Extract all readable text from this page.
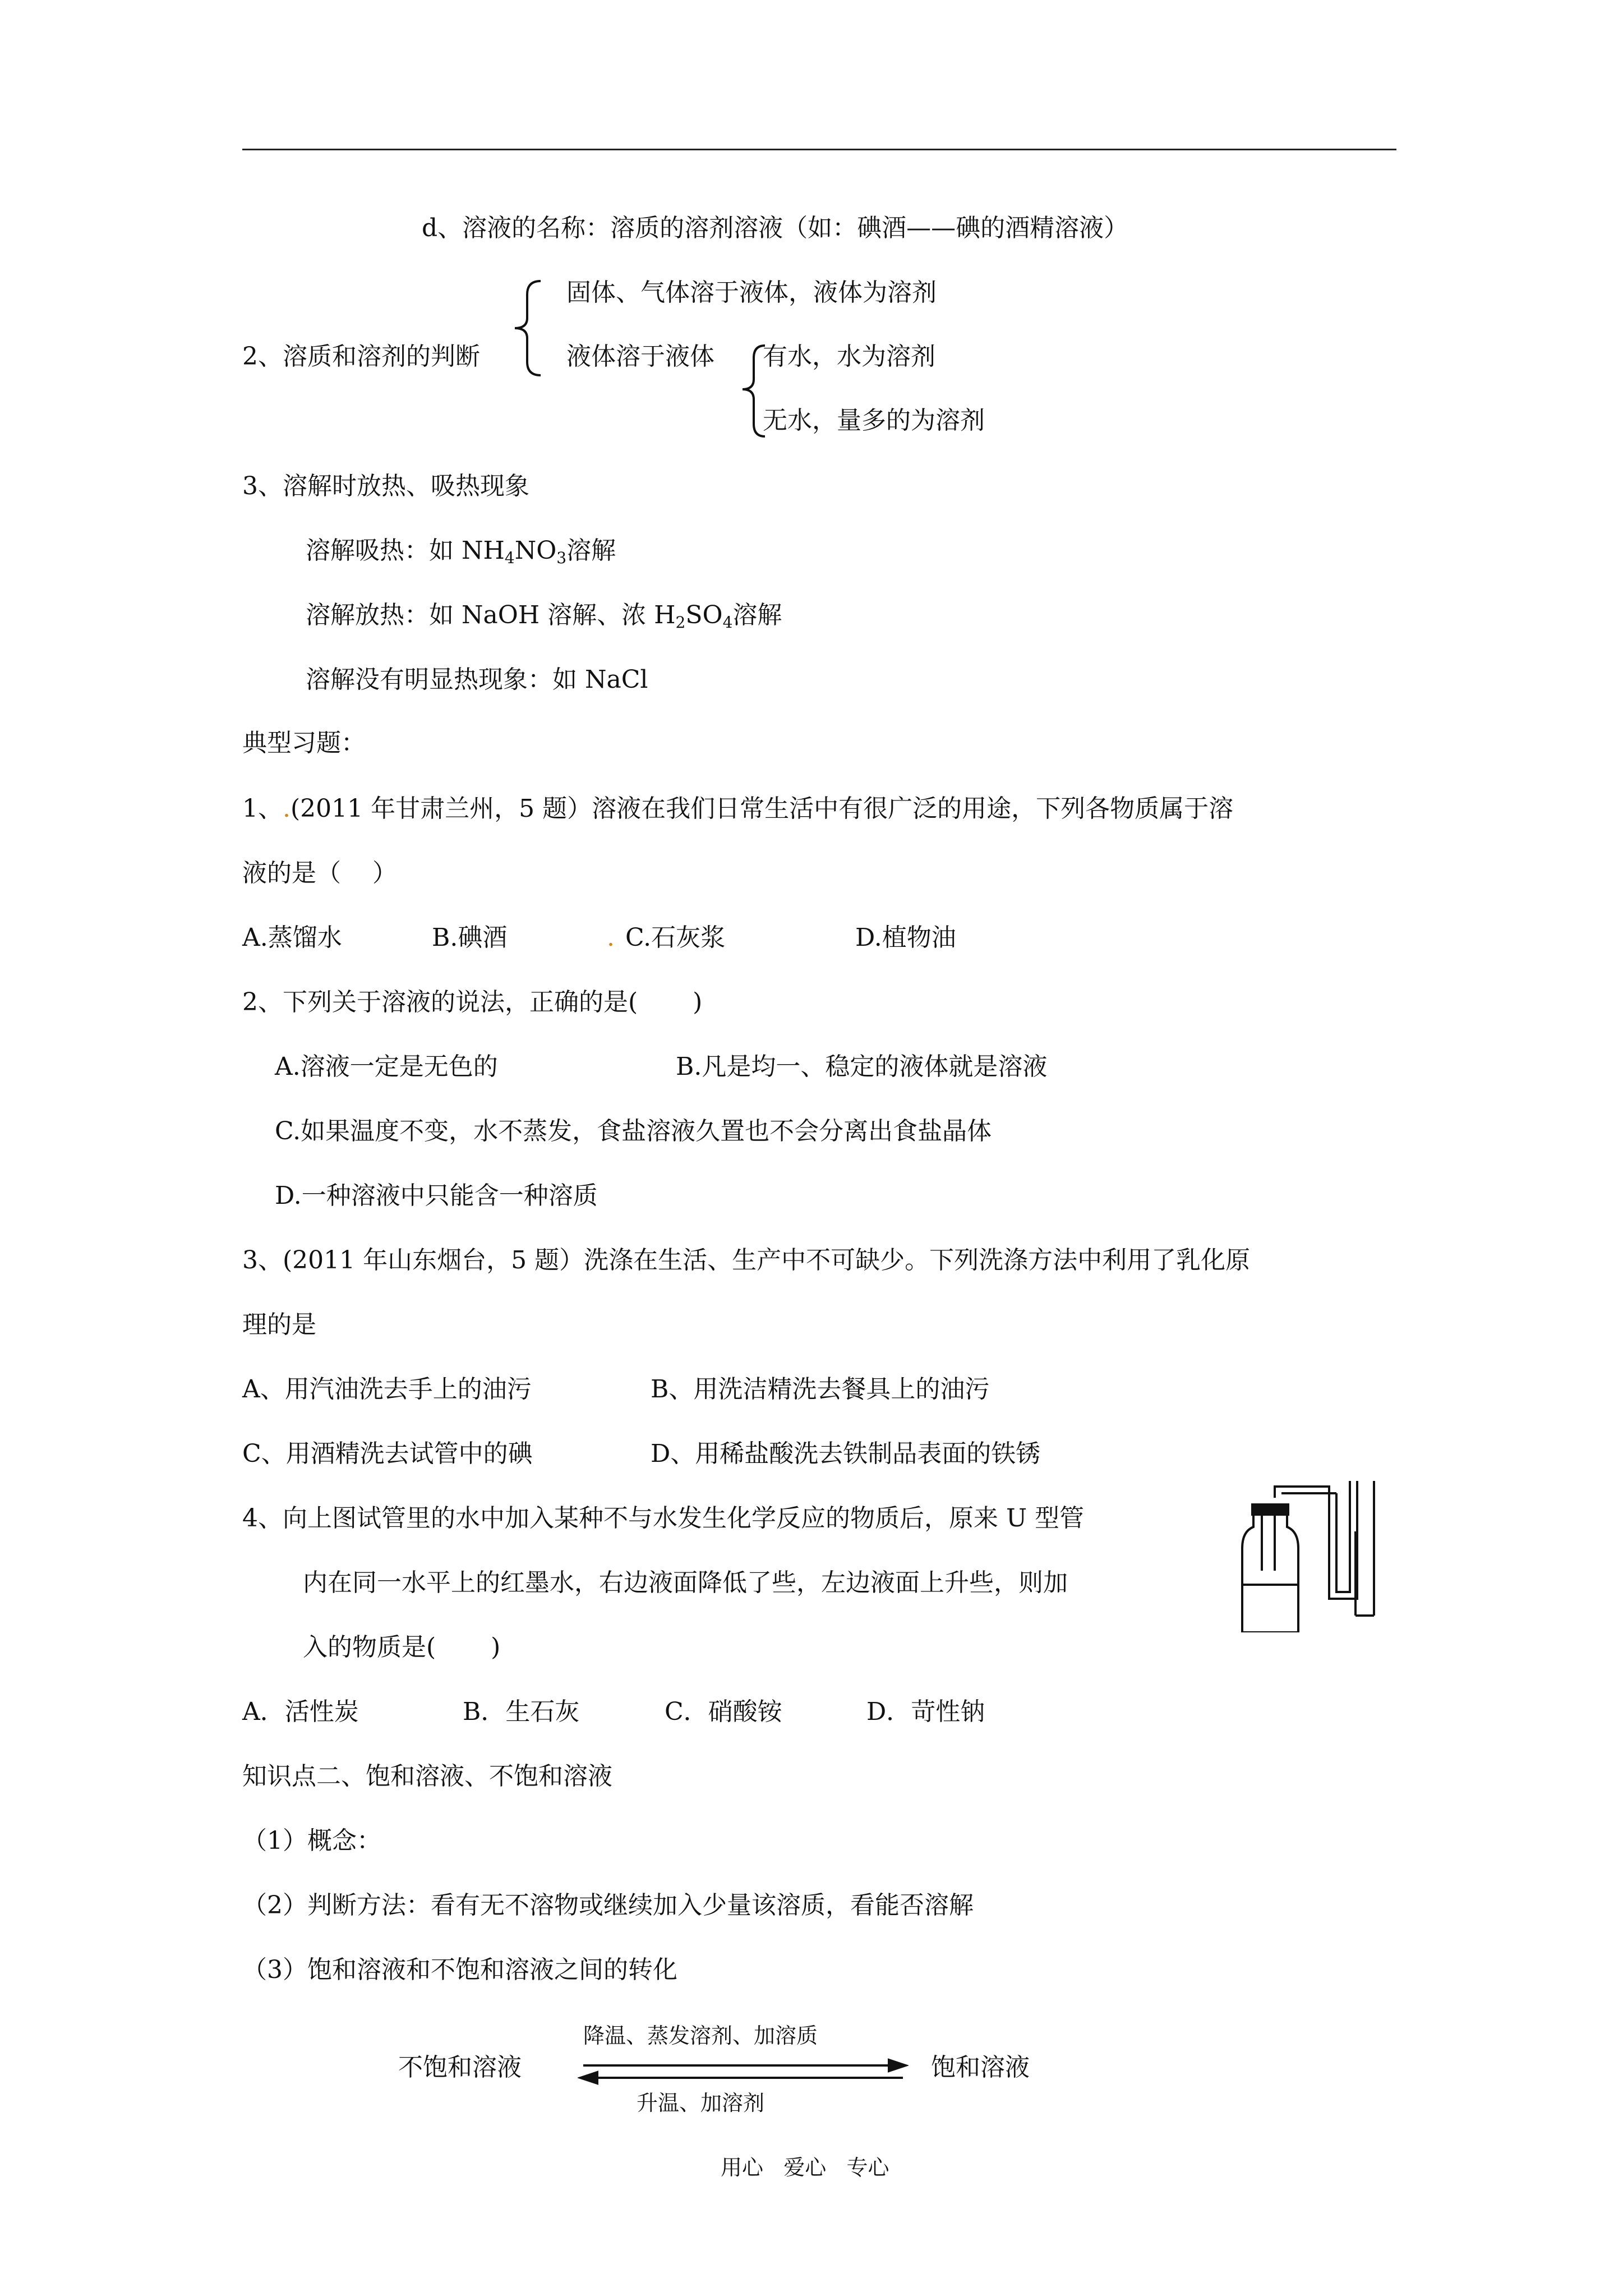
d、溶液的名称：溶质的溶剂溶液（如：碘酒——碘的酒精溶液）
2、溶质和溶剂的判断
固体、气体溶于液体，液体为溶剂
液体溶于液体 有水，水为溶剂
无水，量多的为溶剂
3、溶解时放热、吸热现象
溶解吸热：如 $NH_4NO_3$溶解
溶解放热：如 NaOH 溶解、浓 $H_2SO_4$溶解
溶解没有明显热现象：如 NaCl
典型习题：
1、.(2011 年甘肃兰州，5 题）溶液在我们日常生活中有很广泛的用途，下列各物质属于溶
液的是（    ）
A.蒸馏水	B.碘酒	. C.石灰浆	D.植物油
2、下列关于溶液的说法，正确的是(       )
A.溶液一定是无色的	B.凡是均一、稳定的液体就是溶液
C.如果温度不变，水不蒸发，食盐溶液久置也不会分离出食盐晶体
D.一种溶液中只能含一种溶质
3、(2011 年山东烟台，5 题）洗涤在生活、生产中不可缺少。下列洗涤方法中利用了乳化原
理的是
A、用汽油洗去手上的油污	B、用洗洁精洗去餐具上的油污
C、用酒精洗去试管中的碘	D、用稀盐酸洗去铁制品表面的铁锈
4、向上图试管里的水中加入某种不与水发生化学反应的物质后，原来 U 型管
内在同一水平上的红墨水，右边液面降低了些，左边液面上升些，则加
入的物质是(       )
A．活性炭	B．生石灰	C．硝酸铵	D．苛性钠
知识点二、饱和溶液、不饱和溶液
（1）概念：
（2）判断方法：看有无不溶物或继续加入少量该溶质，看能否溶解
（3）饱和溶液和不饱和溶液之间的转化
不饱和溶液
降温、蒸发溶剂、加溶质
升温、加溶剂
饱和溶液
用心   爱心   专心
